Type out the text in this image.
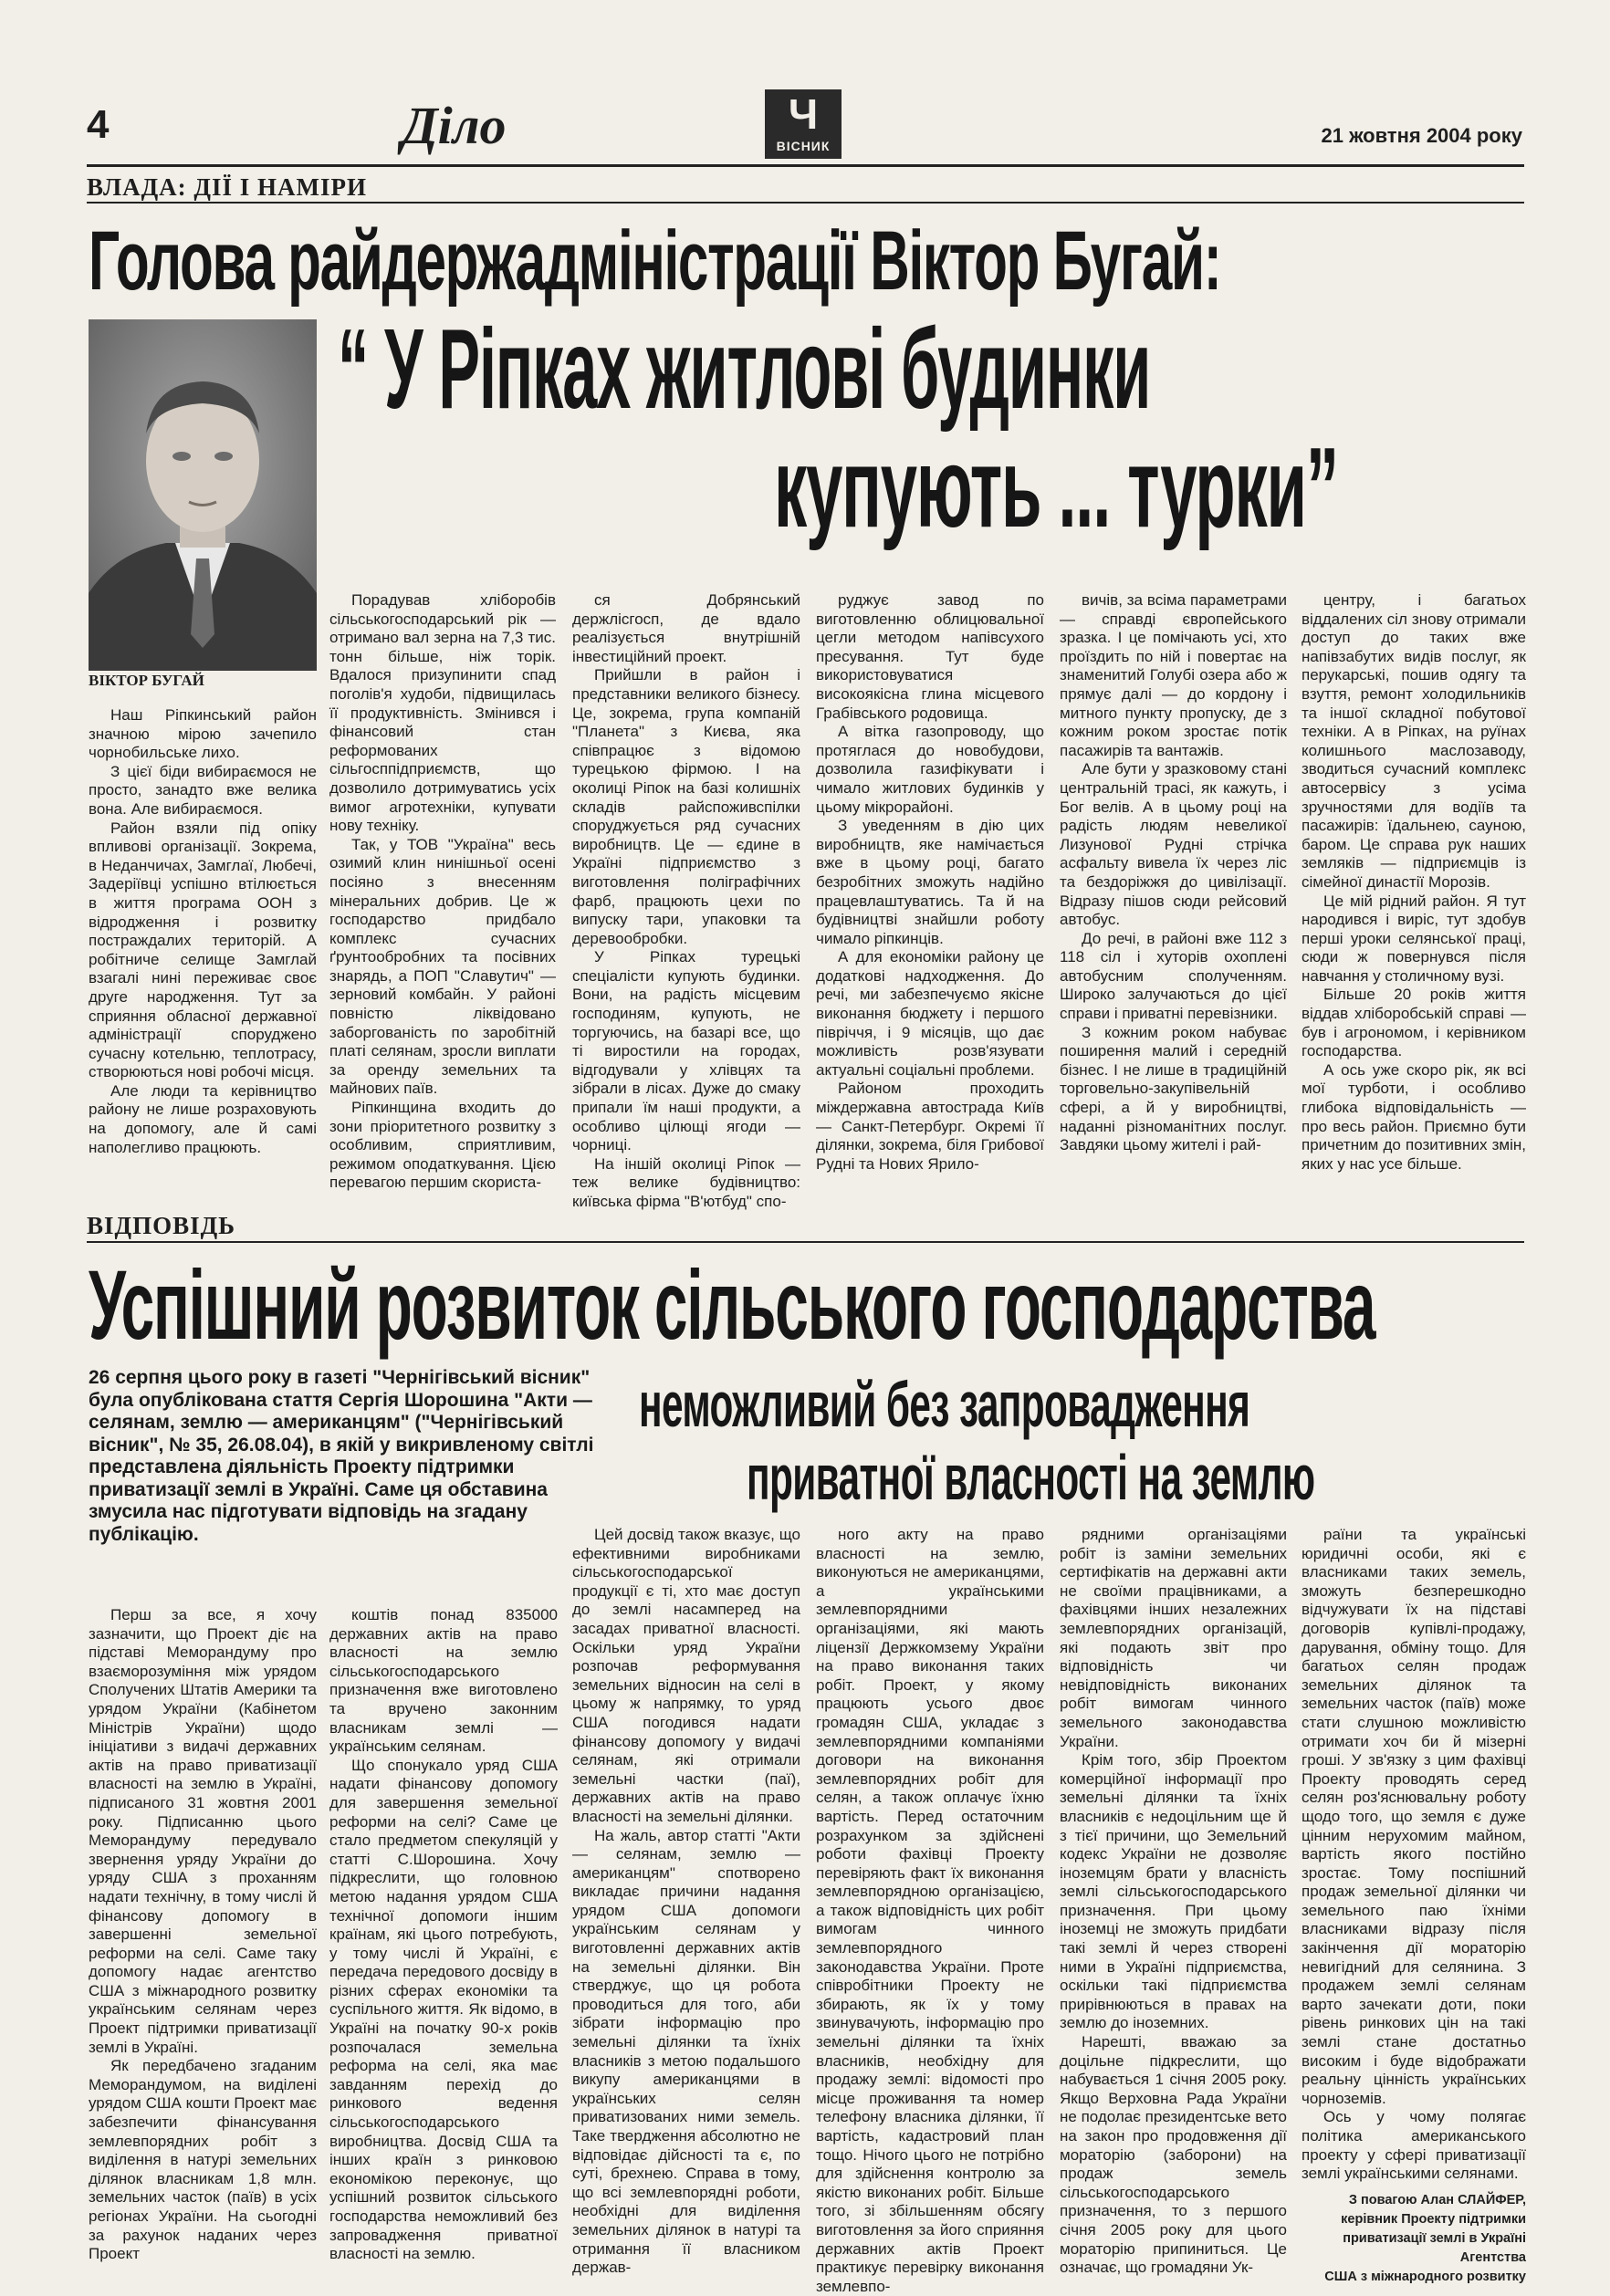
4	Діло	Ч
ВІСНИК	21 жовтня 2004 року
ВЛАДА: ДІЇ І НАМІРИ
Голова райдержадміністрації Віктор Бугай:
“ У Ріпках житлові будинки
купують ... турки”
ВІКТОР БУГАЙ

Наш Ріпкинський район значною мірою зачепило чорнобильське лихо.

З цієї біди вибираємося не просто, занадто вже велика вона. Але вибираємося.

Район взяли під опіку впливові організації. Зокрема, в Неданчичах, Замглаї, Любечі, Задеріївці успішно втілюється в життя програма ООН з відродження і розвитку постраждалих територій. А робітниче селище Замглай взагалі нині переживає своє друге народження. Тут за сприяння обласної державної адміністрації споруджено сучасну котельню, теплотрасу, створюються нові робочі місця.

Але люди та керівництво району не лише розраховують на допомогу, але й самі наполегливо працюють.

Порадував хліборобів сільськогосподарський рік — отримано вал зерна на 7,3 тис. тонн більше, ніж торік. Вдалося призупинити спад поголів'я худоби, підвищилась її продуктивність. Змінився і фінансовий стан реформованих сільгосппідприємств, що дозволило дотримуватись усіх вимог агротехніки, купувати нову техніку.

Так, у ТОВ "Україна" весь озимий клин нинішньої осені посіяно з внесенням мінеральних добрив. Це ж господарство придбало комплекс сучасних ґрунтообробних та посівних знарядь, а ПОП "Славутич" — зерновий комбайн. У районі повністю ліквідовано заборгованість по заробітній платі селянам, зросли виплати за оренду земельних та майнових паїв.

Ріпкинщина входить до зони пріоритетного розвитку з особливим, сприятливим, режимом оподаткування. Цією перевагою першим скориста-

ся Добрянський держлісгосп, де вдало реалізується внутрішній інвестиційний проект.

Прийшли в район і представники великого бізнесу. Це, зокрема, група компаній "Планета" з Києва, яка співпрацює з відомою турецькою фірмою. І на околиці Ріпок на базі колишніх складів райспоживспілки споруджується ряд сучасних виробництв. Це — єдине в Україні підприємство з виготовлення поліграфічних фарб, працюють цехи по випуску тари, упаковки та деревообробки.

У Ріпках турецькі спеціалісти купують будинки. Вони, на радість місцевим господиням, купують, не торгуючись, на базарі все, що ті виростили на городах, відгодували у хлівцях та зібрали в лісах. Дуже до смаку припали їм наші продукти, а особливо цілющі ягоди — чорниці.

На іншій околиці Ріпок — теж велике будівництво: київська фірма "В'ютбуд" спо-

руджує завод по виготовленню облицювальної цегли методом напівсухого пресування. Тут буде використовуватися високоякісна глина місцевого Грабівського родовища.

А вітка газопроводу, що протяглася до новобудови, дозволила газифікувати і чимало житлових будинків у цьому мікрорайоні.

З уведенням в дію цих виробництв, яке намічається вже в цьому році, багато безробітних зможуть надійно працевлаштуватись. Та й на будівництві знайшли роботу чимало ріпкинців.

А для економіки району це додаткові надходження. До речі, ми забезпечуємо якісне виконання бюджету і першого півріччя, і 9 місяців, що дає можливість розв'язувати актуальні соціальні проблеми.

Районом проходить міждержавна автострада Київ — Санкт-Петербург. Окремі її ділянки, зокрема, біля Грибової Рудні та Нових Ярило-

вичів, за всіма параметрами — справді європейського зразка. І це помічають усі, хто проїздить по ній і повертає на знаменитий Голубі озера або ж прямує далі — до кордону і митного пункту пропуску, де з кожним роком зростає потік пасажирів та вантажів.

Але бути у зразковому стані центральній трасі, як кажуть, і Бог велів. А в цьому році на радість людям невеликої Лизунової Рудні стрічка асфальту вивела їх через ліс та бездоріжжя до цивілізації. Відразу пішов сюди рейсовий автобус.

До речі, в районі вже 112 з 118 сіл і хуторів охоплені автобусним сполученням. Широко залучаються до цієї справи і приватні перевізники.

З кожним роком набуває поширення малий і середній бізнес. І не лише в традиційній торговельно-закупівельній сфері, а й у виробництві, наданні різноманітних послуг. Завдяки цьому жителі і рай-

центру, і багатьох віддалених сіл знову отримали доступ до таких вже напівзабутих видів послуг, як перукарські, пошив одягу та взуття, ремонт холодильників та іншої складної побутової техніки. А в Ріпках, на руїнах колишнього маслозаводу, зводиться сучасний комплекс автосервісу з усіма зручностями для водіїв та пасажирів: їдальнею, сауною, баром. Це справа рук наших земляків — підприємців із сімейної династії Морозів.

Це мій рідний район. Я тут народився і виріс, тут здобув перші уроки селянської праці, сюди ж повернувся після навчання у столичному вузі.

Більше 20 років життя віддав хліборобській справі — був і агрономом, і керівником господарства.

А ось уже скоро рік, як всі мої турботи, і особливо глибока відповідальність — про весь район. Приємно бути причетним до позитивних змін, яких у нас усе більше.

ВІДПОВІДЬ
Успішний розвиток сільського господарства
неможливий без запровадження
приватної власності на землю
26 серпня цього року в газеті "Чернігівський вісник" була опублікована стаття Сергія Шорошина "Акти — селянам, землю — американцям" ("Чернігівський вісник", № 35, 26.08.04), в якій у викривленому світлі представлена діяльність Проекту підтримки приватизації землі в Україні. Саме ця обставина змусила нас підготувати відповідь на згадану публікацію.

Перш за все, я хочу зазначити, що Проект діє на підставі Меморандуму про взаєморозуміння між урядом Сполучених Штатів Америки та урядом України (Кабінетом Міністрів України) щодо ініціативи з видачі державних актів на право приватизації власності на землю в Україні, підписаного 31 жовтня 2001 року. Підписанню цього Меморандуму передувало звернення уряду України до уряду США з проханням надати технічну, в тому числі й фінансову допомогу в завершенні земельної реформи на селі. Саме таку допомогу надає агентство США з міжнародного розвитку українським селянам через Проект підтримки приватизації землі в Україні.

Як передбачено згаданим Меморандумом, на виділені урядом США кошти Проект має забезпечити фінансування землевпорядних робіт з виділення в натурі земельних ділянок власникам 1,8 млн. земельних часток (паїв) в усіх регіонах України. На сьогодні за рахунок наданих через Проект

коштів понад 835000 державних актів на право власності на землю сільськогосподарського призначення вже виготовлено та вручено законним власникам землі — українським селянам.

Що спонукало уряд США надати фінансову допомогу для завершення земельної реформи на селі? Саме це стало предметом спекуляцій у статті С.Шорошина. Хочу підкреслити, що головною метою надання урядом США технічної допомоги іншим країнам, які цього потребують, у тому числі й Україні, є передача передового досвіду в різних сферах економіки та суспільного життя. Як відомо, в Україні на початку 90-х років розпочалася земельна реформа на селі, яка має завданням перехід до ринкового ведення сільськогосподарського виробництва. Досвід США та інших країн з ринковою економікою переконує, що успішний розвиток сільського господарства неможливий без запровадження приватної власності на землю.

Цей досвід також вказує, що ефективними виробниками сільськогосподарської продукції є ті, хто має доступ до землі насамперед на засадах приватної власності. Оскільки уряд України розпочав реформування земельних відносин на селі в цьому ж напрямку, то уряд США погодився надати фінансову допомогу у видачі селянам, які отримали земельні частки (паї), державних актів на право власності на земельні ділянки.

На жаль, автор статті "Акти — селянам, землю — американцям" спотворено викладає причини надання урядом США допомоги українським селянам у виготовленні державних актів на земельні ділянки. Він стверджує, що ця робота проводиться для того, аби зібрати інформацію про земельні ділянки та їхніх власників з метою подальшого викупу американцями в українських селян приватизованих ними земель. Таке твердження абсолютно не відповідає дійсності та є, по суті, брехнею. Справа в тому, що всі землевпорядні роботи, необхідні для виділення земельних ділянок в натурі та отримання її власником держав-

ного акту на право власності на землю, виконуються не американцями, а українськими землевпорядними організаціями, які мають ліцензії Держкомзему України на право виконання таких робіт. Проект, у якому працюють усього двоє громадян США, укладає з землевпорядними компаніями договори на виконання землевпорядних робіт для селян, а також оплачує їхню вартість. Перед остаточним розрахунком за здійснені роботи фахівці Проекту перевіряють факт їх виконання землевпорядною організацією, а також відповідність цих робіт вимогам чинного землевпорядного законодавства України. Проте співробітники Проекту не збирають, як їх у тому звинувачують, інформацію про земельні ділянки та їхніх власників, необхідну для продажу землі: відомості про місце проживання та номер телефону власника ділянки, її вартість, кадастровий план тощо. Нічого цього не потрібно для здійснення контролю за якістю виконаних робіт. Більше того, зі збільшенням обсягу виготовлення за його сприяння державних актів Проект практикує перевірку виконання землевпо-

рядними організаціями робіт із заміни земельних сертифікатів на державні акти не своїми працівниками, а фахівцями інших незалежних землевпорядних організацій, які подають звіт про відповідність чи невідповідність виконаних робіт вимогам чинного земельного законодавства України.

Крім того, збір Проектом комерційної інформації про земельні ділянки та їхніх власників є недоцільним ще й з тієї причини, що Земельний кодекс України не дозволяє іноземцям брати у власність землі сільськогосподарського призначення. При цьому іноземці не зможуть придбати такі землі й через створені ними в Україні підприємства, оскільки такі підприємства прирівнюються в правах на землю до іноземних.

Нарешті, вважаю за доцільне підкреслити, що набувається 1 січня 2005 року. Якщо Верховна Рада України не подолає президентське вето на закон про продовження дії мораторію (заборони) на продаж земель сільськогосподарського призначення, то з першого січня 2005 року для цього мораторію припиниться. Це означає, що громадяни Ук-

раїни та українські юридичні особи, які є власниками таких земель, зможуть безперешкодно відчужувати їх на підставі договорів купівлі-продажу, дарування, обміну тощо. Для багатьох селян продаж земельних ділянок та земельних часток (паїв) може стати слушною можливістю отримати хоч би й мізерні гроші. У зв'язку з цим фахівці Проекту проводять серед селян роз'яснювальну роботу щодо того, що земля є дуже цінним нерухомим майном, вартість якого постійно зростає. Тому поспішний продаж земельної ділянки чи земельного паю їхніми власниками відразу після закінчення дії мораторію невигідний для селянина. З продажем землі селянам варто зачекати доти, поки рівень ринкових цін на такі землі стане достатньо високим і буде відображати реальну цінність українських чорноземів.

Ось у чому полягає політика американського проекту у сфері приватизації землі українськими селянами.

З повагою Алан СЛАЙФЕР,
керівник Проекту підтримки
приватизації землі в Україні Агентства
США з міжнародного розвитку
